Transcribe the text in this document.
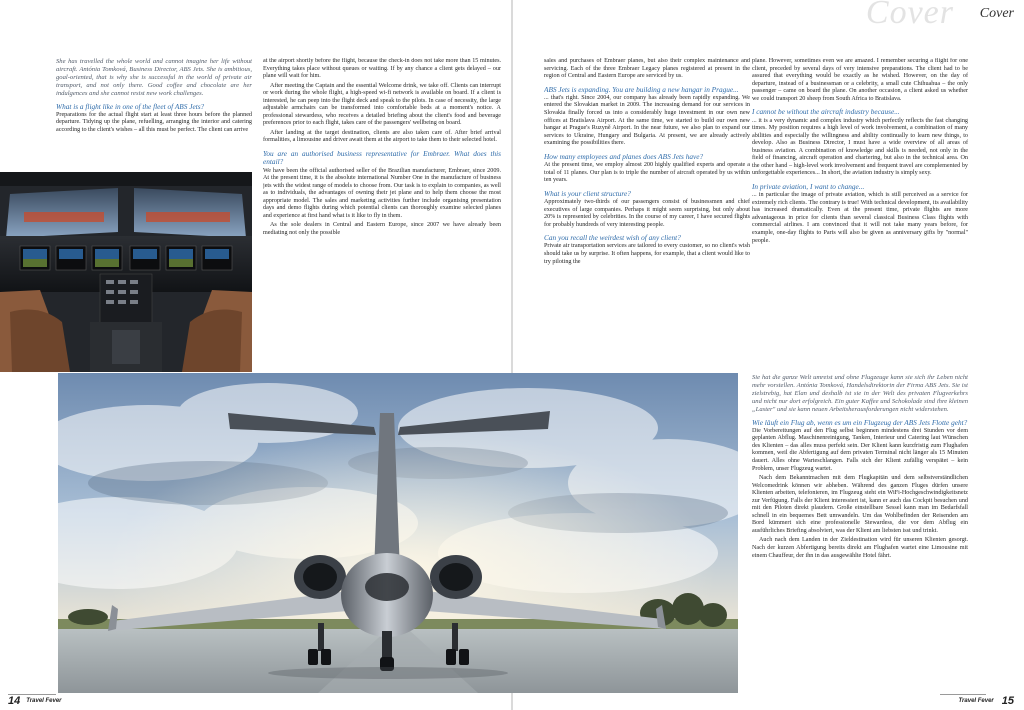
She has travelled the whole world and cannot imagine her life without aircraft. Antónia Tomková, Business Director, ABS Jets. She is ambitious, goal-oriented, that is why she is successful in the world of private air transport, and not only there. Good coffee and chocolate are her indulgences and she cannot resist new work challenges.

What is a flight like in one of the fleet of ABS Jets?

Preparations for the actual flight start at least three hours before the planned departure. Tidying up the plane, refuelling, arranging the interior and catering according to the client's wishes – all this must be perfect. The client can arrive

at the airport shortly before the flight, because the check-in does not take more than 15 minutes. Everything takes place without queues or waiting. If by any chance a client gets delayed – our plane will wait for him.

After meeting the Captain and the essential Welcome drink, we take off. Clients can interrupt or work during the whole flight, a high-speed wi-fi network is available on board. If a client is interested, he can peep into the flight deck and speak to the pilots. In case of necessity, the large adjustable armchairs can be transformed into comfortable beds at a moment's notice. A professional stewardess, who receives a detailed briefing about the client's food and beverage preferences prior to each flight, takes care of the passengers' wellbeing on board.

After landing at the target destination, clients are also taken care of. After brief arrival formalities, a limousine and driver await them at the airport to take them to their selected hotel.

You are an authorised business representative for Embraer. What does this entail?

We have been the official authorised seller of the Brazilian manufacturer, Embraer, since 2009. At the present time, it is the absolute international Number One in the manufacture of business jets with the widest range of models to choose from. Our task is to explain to companies, as well as to individuals, the advantages of owning their jet plane and to help them choose the most appropriate model. The sales and marketing activities further include organising presentation days and demo flights during which potential clients can thoroughly examine selected planes and experience at first hand what is it like to fly in them.

As the sole dealers in Central and Eastern Europe, since 2007 we have already been mediating not only the possible

14 Travel Fever
Cover Cover

sales and purchases of Embraer planes, but also their complex maintenance and servicing. Each of the three Embraer Legacy planes registered at present in the region of Central and Eastern Europe are serviced by us.

ABS Jets is expanding. You are building a new hangar in Prague...

... that's right. Since 2004, our company has already been rapidly expanding. We entered the Slovakian market in 2009. The increasing demand for our services in Slovakia finally forced us into a considerably huge investment in our own new offices at Bratislava Airport. At the same time, we started to build our own new hangar at Prague's Ruzyně Airport. In the near future, we also plan to expand our services to Ukraine, Hungary and Bulgaria. At present, we are already actively examining the possibilities there.

How many employees and planes does ABS Jets have?

At the present time, we employ almost 200 highly qualified experts and operate a total of 11 planes. Our plan is to triple the number of aircraft operated by us within ten years.

What is your client structure?

Approximately two-thirds of our passengers consist of businessmen and chief executives of large companies. Perhaps it might seem surprising, but only about 20% is represented by celebrities. In the course of my career, I have secured flights for probably hundreds of very interesting people.

Can you recall the weirdest wish of any client?

Private air transportation services are tailored to every customer, so no client's wish should take us by surprise. It often happens, for example, that a client would like to try piloting the

plane. However, sometimes even we are amazed. I remember securing a flight for one client, preceded by several days of very intensive preparations. The client had to be assured that everything would be exactly as he wished. However, on the day of departure, instead of a businessman or a celebrity, a small cute Chihuahua – the only passenger – came on board the plane. On another occasion, a client asked us whether we could transport 20 sheep from South Africa to Bratislava.

I cannot be without the aircraft industry because...

... it is a very dynamic and complex industry which perfectly reflects the fast changing times. My position requires a high level of work involvement, a combination of many abilities and especially the willingness and ability continually to learn new things, to develop. Also as Business Director, I must have a wide overview of all areas of business aviation. A combination of knowledge and skills is needed, not only in the field of financing, aircraft operation and chartering, but also in the technical area. On the other hand – high-level work involvement and frequent travel are complemented by unforgettable experiences... In short, the aviation industry is simply sexy.

In private aviation, I want to change...

... in particular the image of private aviation, which is still perceived as a service for extremely rich clients. The contrary is true! With technical development, its availability has increased dramatically. Even at the present time, private flights are more advantageous in price for clients than several classical Business Class flights with commercial airlines. I am convinced that it will not take many years before, for example, one-day flights to Paris will also be given as anniversary gifts by "normal" people.

Sie hat die ganze Welt umreist und ohne Flugzeuge kann sie sich ihr Leben nicht mehr vorstellen. Antónia Tomková, Handelsdirektorin der Firma ABS Jets. Sie ist zielstrebig, hat Elan und deshalb ist sie in der Welt des privaten Flugverkehrs und nicht nur dort erfolgreich. Ein guter Kaffee und Schokolade sind ihre kleinen „Laster" und sie kann neuen Arbeitsherausforderungen nicht widerstehen.

Wie läuft ein Flug ab, wenn es um ein Flugzeug der ABS Jets Flotte geht?

Die Vorbereitungen auf den Flug selbst beginnen mindestens drei Stunden vor dem geplanten Abflug. Maschinenreinigung, Tanken, Interieur und Catering laut Wünschen des Klienten – das alles muss perfekt sein. Der Klient kann kurzfristig zum Flughafen kommen, weil die Abfertigung auf dem privaten Terminal nicht länger als 15 Minuten dauert. Alles ohne Warteschlangen. Falls sich der Klient zufällig verspätet – kein Problem, unser Flugzeug wartet.

Nach dem Bekanntmachen mit dem Flugkapitän und dem selbstverständlichen Welcomedrink können wir abheben. Während des ganzen Fluges dürfen unsere Klienten arbeiten, telefonieren, im Flugzeug steht ein WiFi-Hochgeschwindigkeitsnetz zur Verfügung. Falls der Klient interessiert ist, kann er auch das Cockpit besuchen und mit den Piloten direkt plaudern. Große einstellbare Sessel kann man im Bedarfsfall schnell in ein bequemes Bett umwandeln. Um das Wohlbefinden der Reisenden am Bord kümmert sich eine professionelle Stewardess, die vor dem Abflug ein ausführliches Briefing absolviert, was der Klient am liebsten isst und trinkt.

Auch nach dem Landen in der Zieldestination wird für unseren Klienten gesorgt. Nach der kurzen Abfertigung bereits direkt am Flughafen wartet eine Limousine mit einem Chauffeur, der ihn in das ausgewählte Hotel fährt.

Travel Fever 15
